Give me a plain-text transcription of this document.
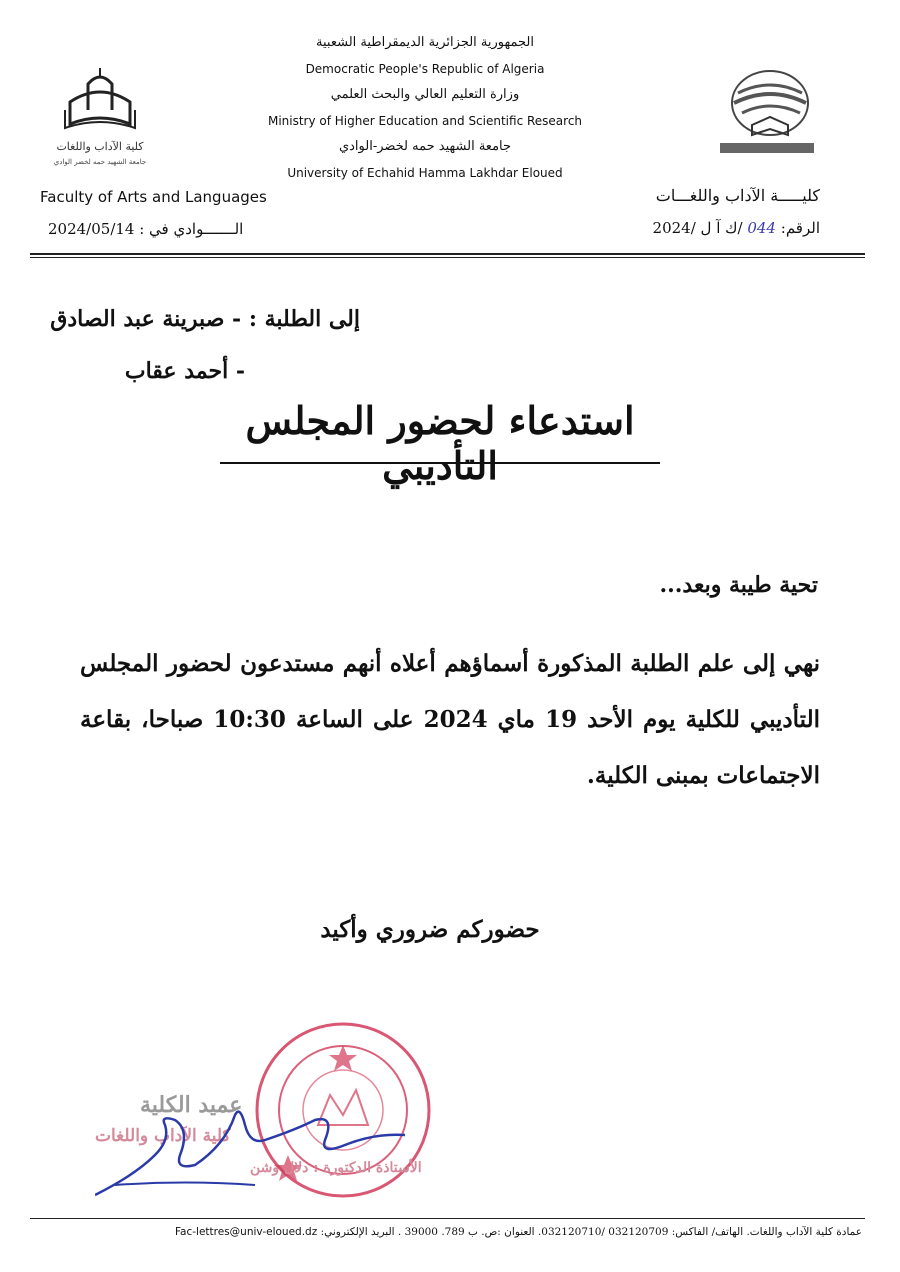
الجمهورية الجزائرية الديمقراطية الشعبية
Democratic People's Republic of Algeria
وزارة التعليم العالي والبحث العلمي
Ministry of Higher Education and Scientific Research
جامعة الشهيد حمه لخضر-الوادي
University of Echahid Hamma Lakhdar Eloued
كلية الآداب واللغات
جامعة الشهيد حمه لخضر الوادي
Faculty of Arts and Languages	كليـــــة الآداب واللغـــات
الـــــــوادي في : 2024/05/14	الرقم: 044 /ك آ ل /2024
إلى الطلبة : - صبرينة عبد الصادق
- أحمد عقاب
استدعاء لحضور المجلس التأديبي
تحية طيبة وبعد...
نهي إلى علم الطلبة المذكورة أسماؤهم أعلاه أنهم مستدعون لحضور المجلس التأديبي للكلية يوم الأحد 19 ماي 2024 على الساعة 10:30 صباحا، بقاعة الاجتماعات بمبنى الكلية.
حضوركم ضروري وأكيد
عميد الكلية
كلية الآداب واللغات
الأستاذة الدكتورة : دلال وشن
عمادة كلية الآداب واللغات. الهاتف/ الفاكس: 032120709 /032120710. العنوان :ص. ب 789. 39000 . البريد الإلكتروني: Fac-lettres@univ-eloued.dz
